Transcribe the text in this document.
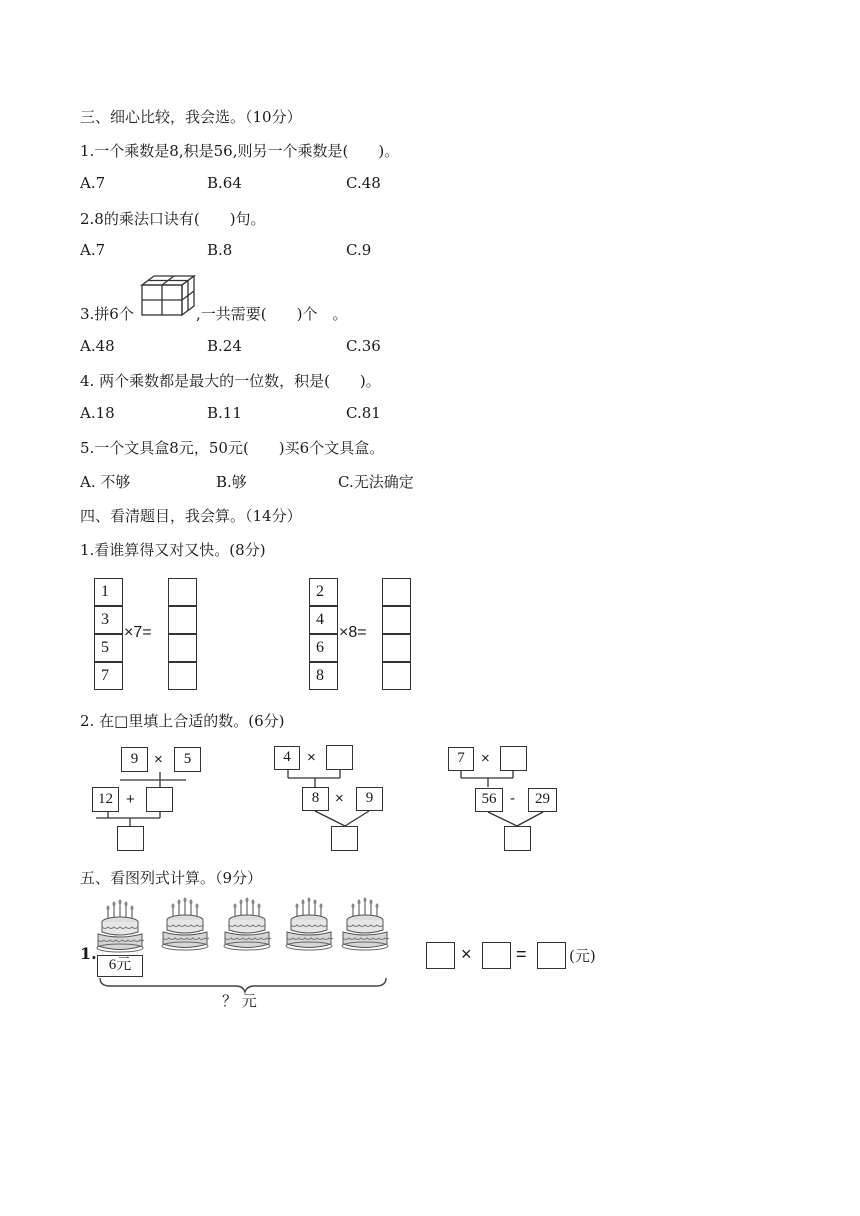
三、细心比较，我会选。（10分）
1.一个乘数是8,积是56,则另一个乘数是(　　)。
A.7	B.64	C.48
2.8的乘法口诀有(　　)句。
A.7	B.8	C.9
3.拼6个	,一共需要(　　)个　。
A.48	B.24	C.36
4. 两个乘数都是最大的一位数，积是(　　)。
A.18	B.11	C.81
5.一个文具盒8元，50元(　　)买6个文具盒。
A. 不够	B.够	C.无法确定
四、看清题目，我会算。（14分）
1.看谁算得又对又快。(8分)
1
3
5
7
×7=
2
4
6
8
×8=
2. 在□里填上合适的数。(6分)
9	×	5
12 +
4	×
8	×	9
7	×
56 -	29
五、看图列式计算。（9分）
1.
6元
？ 元
× =	(元)
